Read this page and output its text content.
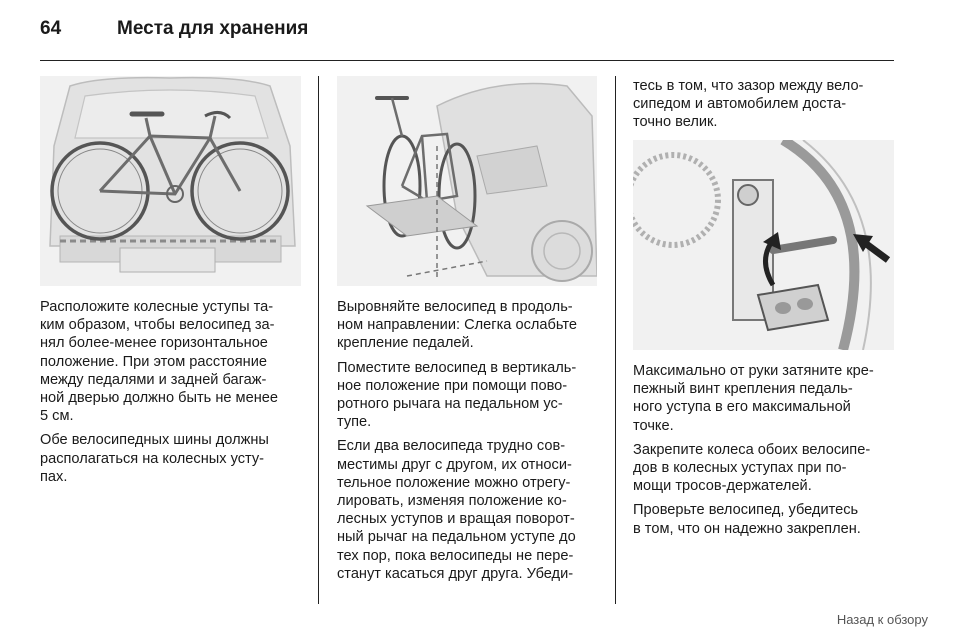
64	Места для хранения

Расположите колесные уступы та-
ким образом, чтобы велосипед за-
нял более-менее горизонтальное
положение. При этом расстояние
между педалями и задней багаж-
ной дверью должно быть не менее
5 см.

Обе велосипедных шины должны
располагаться на колесных усту-
пах.

Выровняйте велосипед в продоль-
ном направлении: Слегка ослабьте
крепление педалей.

Поместите велосипед в вертикаль-
ное положение при помощи пово-
ротного рычага на педальном ус-
тупе.

Если два велосипеда трудно сов-
местимы друг с другом, их относи-
тельное положение можно отрегу-
лировать, изменяя положение ко-
лесных уступов и вращая поворот-
ный рычаг на педальном уступе до
тех пор, пока велосипеды не пере-
станут касаться друг друга. Убеди-

тесь в том, что зазор между вело-
сипедом и автомобилем доста-
точно велик.

Максимально от руки затяните кре-
пежный винт крепления педаль-
ного уступа в его максимальной
точке.

Закрепите колеса обоих велосипе-
дов в колесных уступах при по-
мощи тросов-держателей.

Проверьте велосипед, убедитесь
в том, что он надежно закреплен.

Назад к обзору
